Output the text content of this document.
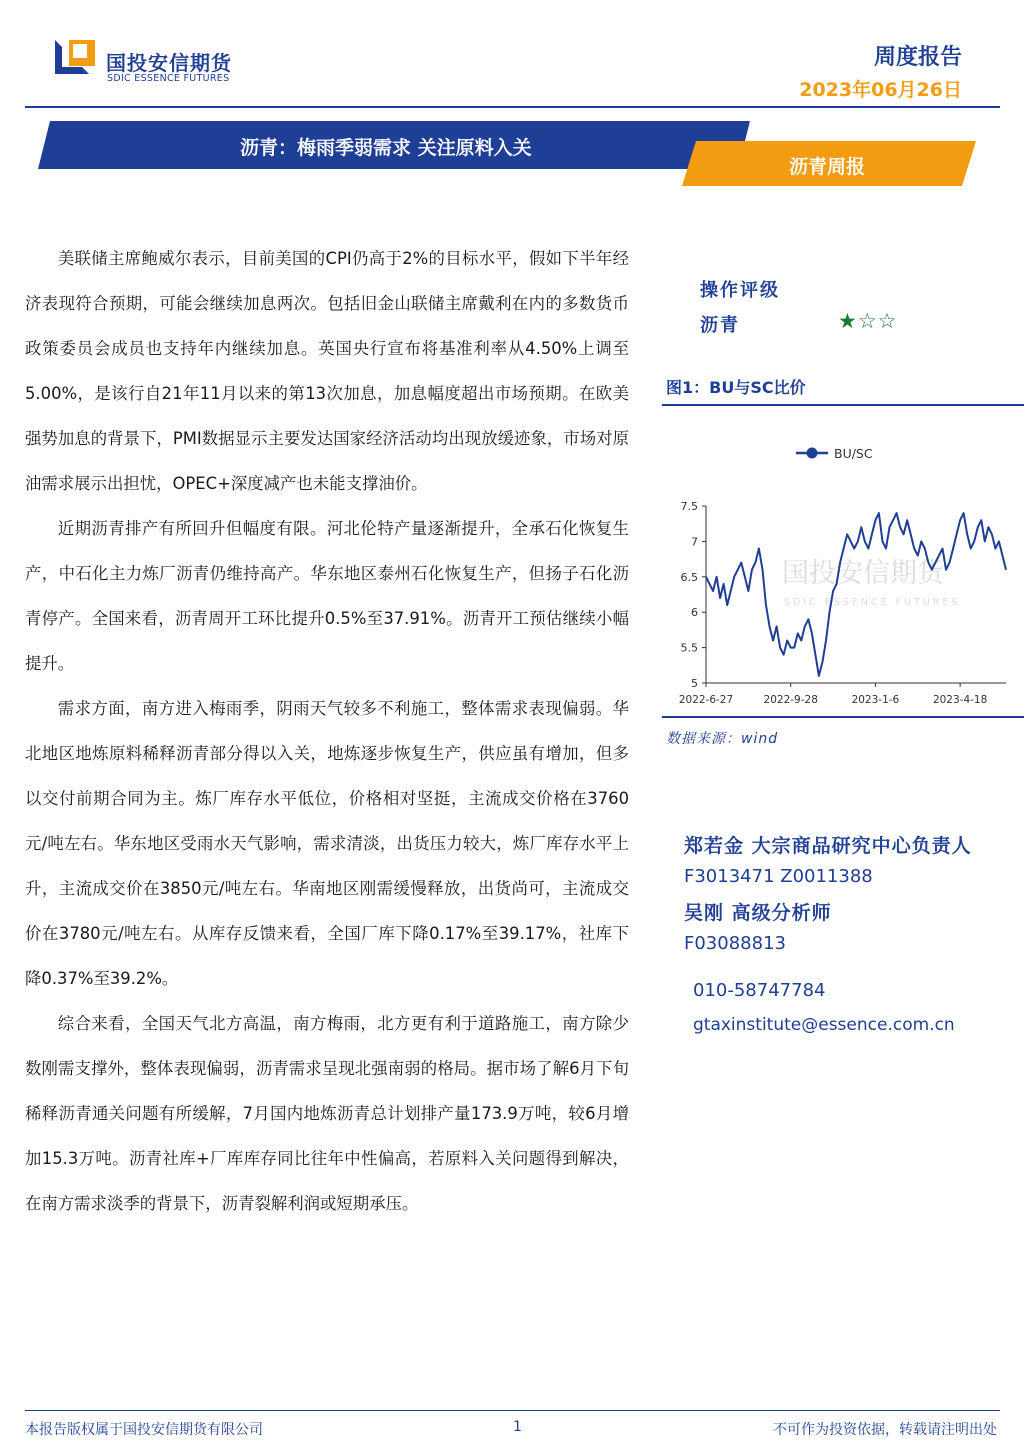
国投安信期货
SDIC ESSENCE FUTURES
周度报告
2023年06月26日
沥青：梅雨季弱需求 关注原料入关
沥青周报

美联储主席鲍威尔表示，目前美国的CPI仍高于2%的目标水平，假如下半年经济表现符合预期，可能会继续加息两次。包括旧金山联储主席戴利在内的多数货币政策委员会成员也支持年内继续加息。英国央行宣布将基准利率从4.50%上调至5.00%，是该行自21年11月以来的第13次加息，加息幅度超出市场预期。在欧美强势加息的背景下，PMI数据显示主要发达国家经济活动均出现放缓迹象，市场对原油需求展示出担忧，OPEC+深度减产也未能支撑油价。

近期沥青排产有所回升但幅度有限。河北伦特产量逐渐提升，全承石化恢复生产，中石化主力炼厂沥青仍维持高产。华东地区泰州石化恢复生产，但扬子石化沥青停产。全国来看，沥青周开工环比提升0.5%至37.91%。沥青开工预估继续小幅提升。

需求方面，南方进入梅雨季，阴雨天气较多不利施工，整体需求表现偏弱。华北地区地炼原料稀释沥青部分得以入关，地炼逐步恢复生产，供应虽有增加，但多以交付前期合同为主。炼厂库存水平低位，价格相对坚挺，主流成交价格在3760元/吨左右。华东地区受雨水天气影响，需求清淡，出货压力较大，炼厂库存水平上升，主流成交价在3850元/吨左右。华南地区刚需缓慢释放，出货尚可，主流成交价在3780元/吨左右。从库存反馈来看，全国厂库下降0.17%至39.17%，社库下降0.37%至39.2%。

综合来看，全国天气北方高温，南方梅雨，北方更有利于道路施工，南方除少数刚需支撑外，整体表现偏弱，沥青需求呈现北强南弱的格局。据市场了解6月下旬稀释沥青通关问题有所缓解，7月国内地炼沥青总计划排产量173.9万吨，较6月增加15.3万吨。沥青社库+厂库库存同比往年中性偏高，若原料入关问题得到解决，在南方需求淡季的背景下，沥青裂解利润或短期承压。

操作评级
沥青	★☆☆
图1：BU与SC比价
BU/SC
国投安信期货
SDIC ESSENCE FUTURES
5
5.5
6
6.5
7
7.5
2022-6-27	2022-9-28	2023-1-6	2023-4-18
数据来源：wind
郑若金 大宗商品研究中心负责人
F3013471 Z0011388
吴刚 高级分析师
F03088813
010-58747784
gtaxinstitute@essence.com.cn
本报告版权属于国投安信期货有限公司	1	不可作为投资依据，转载请注明出处
